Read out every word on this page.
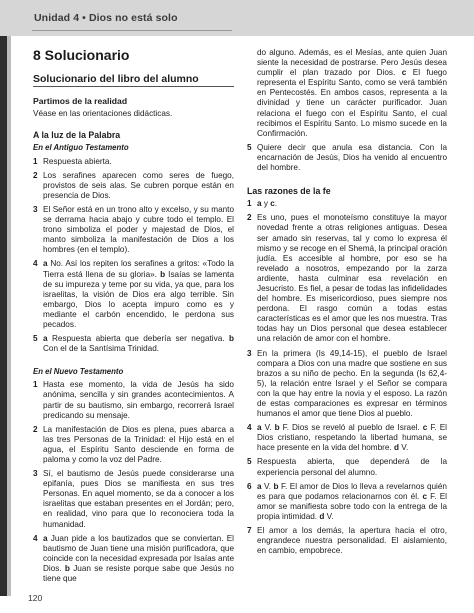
Unidad 4 • Dios no está solo
8 Solucionario
Solucionario del libro del alumno
Partimos de la realidad
Véase en las orientaciones didácticas.
A la luz de la Palabra
En el Antiguo Testamento
1 Respuesta abierta.
2 Los serafines aparecen como seres de fuego, provistos de seis alas. Se cubren porque están en presencia de Dios.
3 El Señor está en un trono alto y excelso, y su manto se derrama hacia abajo y cubre todo el templo. El trono simboliza el poder y majestad de Dios, el manto simboliza la manifestación de Dios a los hombres (en el templo).
4 a No. Así los repiten los serafines a gritos: «Todo la Tierra está llena de su gloria». b Isaías se lamenta de su impureza y teme por su vida, ya que, para los israelitas, la visión de Dios era algo terrible. Sin embargo, Dios lo acepta impuro como es y mediante el carbón encendido, le perdona sus pecados.
5 a Respuesta abierta que debería ser negativa. b Con el de la Santísima Trinidad.
En el Nuevo Testamento
1 Hasta ese momento, la vida de Jesús ha sido anónima, sencilla y sin grandes acontecimientos. A partir de su bautismo, sin embargo, recorrerá Israel predicando su mensaje.
2 La manifestación de Dios es plena, pues abarca a las tres Personas de la Trinidad: el Hijo está en el agua, el Espíritu Santo desciende en forma de paloma y como la voz del Padre.
3 Sí, el bautismo de Jesús puede considerarse una epifanía, pues Dios se manifiesta en sus tres Personas. En aquel momento, se da a conocer a los israelitas que estaban presentes en el Jordán; pero, en realidad, vino para que lo reconociera toda la humanidad.
4 a Juan pide a los bautizados que se conviertan. El bautismo de Juan tiene una misión purificadora, que coincide con la necesidad expresada por Isaías ante Dios. b Juan se resiste porque sabe que Jesús no tiene que
do alguno. Además, es el Mesías, ante quien Juan siente la necesidad de postrarse. Pero Jesús desea cumplir el plan trazado por Dios. c El fuego representa el Espíritu Santo, como se verá también en Pentecostés. En ambos casos, representa a la divinidad y tiene un carácter purificador. Juan relaciona el fuego con el Espíritu Santo, el cual recibimos el Espíritu Santo. Lo mismo sucede en la Confirmación.
5 Quiere decir que anula esa distancia. Con la encarnación de Jesús, Dios ha venido al encuentro del hombre.
Las razones de la fe
1 a y c.
2 Es uno, pues el monoteísmo constituye la mayor novedad frente a otras religiones antiguas. Desea ser amado sin reservas, tal y como lo expresa él mismo y se recoge en el Shemá, la principal oración judía. Es accesible al hombre, por eso se ha revelado a nosotros, empezando por la zarza ardiente, hasta culminar esa revelación en Jesucristo. Es fiel, a pesar de todas las infidelidades del hombre. Es misericordioso, pues siempre nos perdona. El rasgo común a todas estas características es el amor que les nos muestra. Tras todas hay un Dios personal que desea establecer una relación de amor con el hombre.
3 En la primera (Is 49,14-15), el pueblo de Israel compara a Dios con una madre que sostiene en sus brazos a su niño de pecho. En la segunda (Is 62,4-5), la relación entre Israel y el Señor se compara con la que hay entre la novia y el esposo. La razón de estas comparaciones es expresar en términos humanos el amor que tiene Dios al pueblo.
4 a V. b F. Dios se reveló al pueblo de Israel. c F. El Dios cristiano, respetando la libertad humana, se hace presente en la vida del hombre. d V.
5 Respuesta abierta, que dependerá de la experiencia personal del alumno.
6 a V. b F. El amor de Dios lo lleva a revelarnos quién es para que podamos relacionarnos con él. c F. El amor se manifiesta sobre todo con la entrega de la propia intimidad. d V.
7 El amor a los demás, la apertura hacia el otro, engrandece nuestra personalidad. El aislamiento, en cambio, empobrece.
120
